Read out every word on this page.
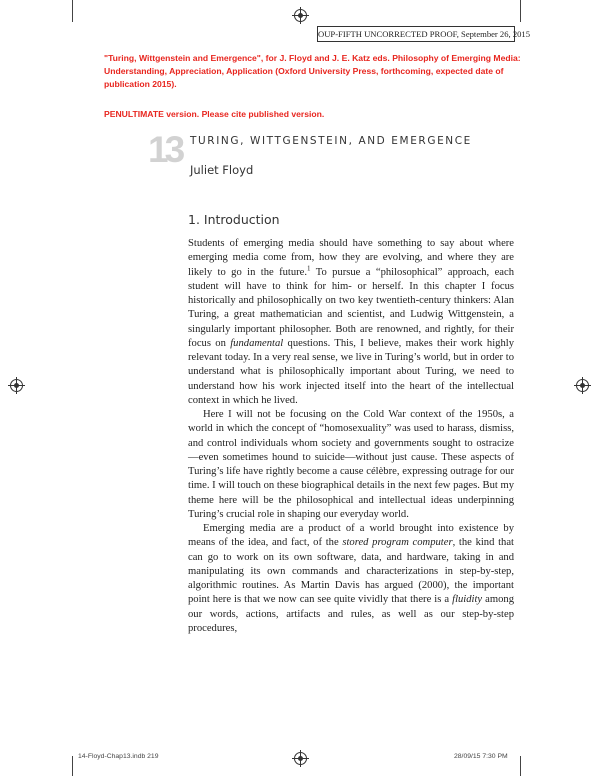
OUP-FIFTH UNCORRECTED PROOF, September 26, 2015
"Turing, Wittgenstein and Emergence", for J. Floyd and J. E. Katz eds. Philosophy of Emerging Media: Understanding, Appreciation, Application (Oxford University Press, forthcoming, expected date of publication 2015).
PENULTIMATE version. Please cite published version.
13 TURING, WITTGENSTEIN, AND EMERGENCE
Juliet Floyd
1. Introduction

Students of emerging media should have something to say about where emerging media come from, how they are evolving, and where they are likely to go in the future.$^1$ To pursue a “philosophical” approach, each student will have to think for him- or herself. In this chapter I focus historically and philosophically on two key twentieth-century thinkers: Alan Turing, a great mathematician and scientist, and Ludwig Wittgenstein, a singularly important philosopher. Both are renowned, and rightly, for their focus on fundamental questions. This, I believe, makes their work highly relevant today. In a very real sense, we live in Turing’s world, but in order to understand what is philosophically important about Turing, we need to understand how his work injected itself into the heart of the intellectual context in which he lived.

Here I will not be focusing on the Cold War context of the 1950s, a world in which the concept of “homosexuality” was used to harass, dismiss, and control individuals whom society and governments sought to ostracize—even sometimes hound to suicide—without just cause. These aspects of Turing’s life have rightly become a cause célèbre, expressing outrage for our time. I will touch on these biographical details in the next few pages. But my theme here will be the philosophical and intellectual ideas underpinning Turing’s crucial role in shaping our everyday world.

Emerging media are a product of a world brought into existence by means of the idea, and fact, of the stored program computer, the kind that can go to work on its own software, data, and hardware, taking in and manipulating its own commands and characterizations in step-by-step, algorithmic routines. As Martin Davis has argued (2000), the important point here is that we now can see quite vividly that there is a fluidity among our words, actions, artifacts and rules, as well as our step-by-step procedures,

14-Floyd-Chap13.indb 219	28/09/15 7:30 PM
